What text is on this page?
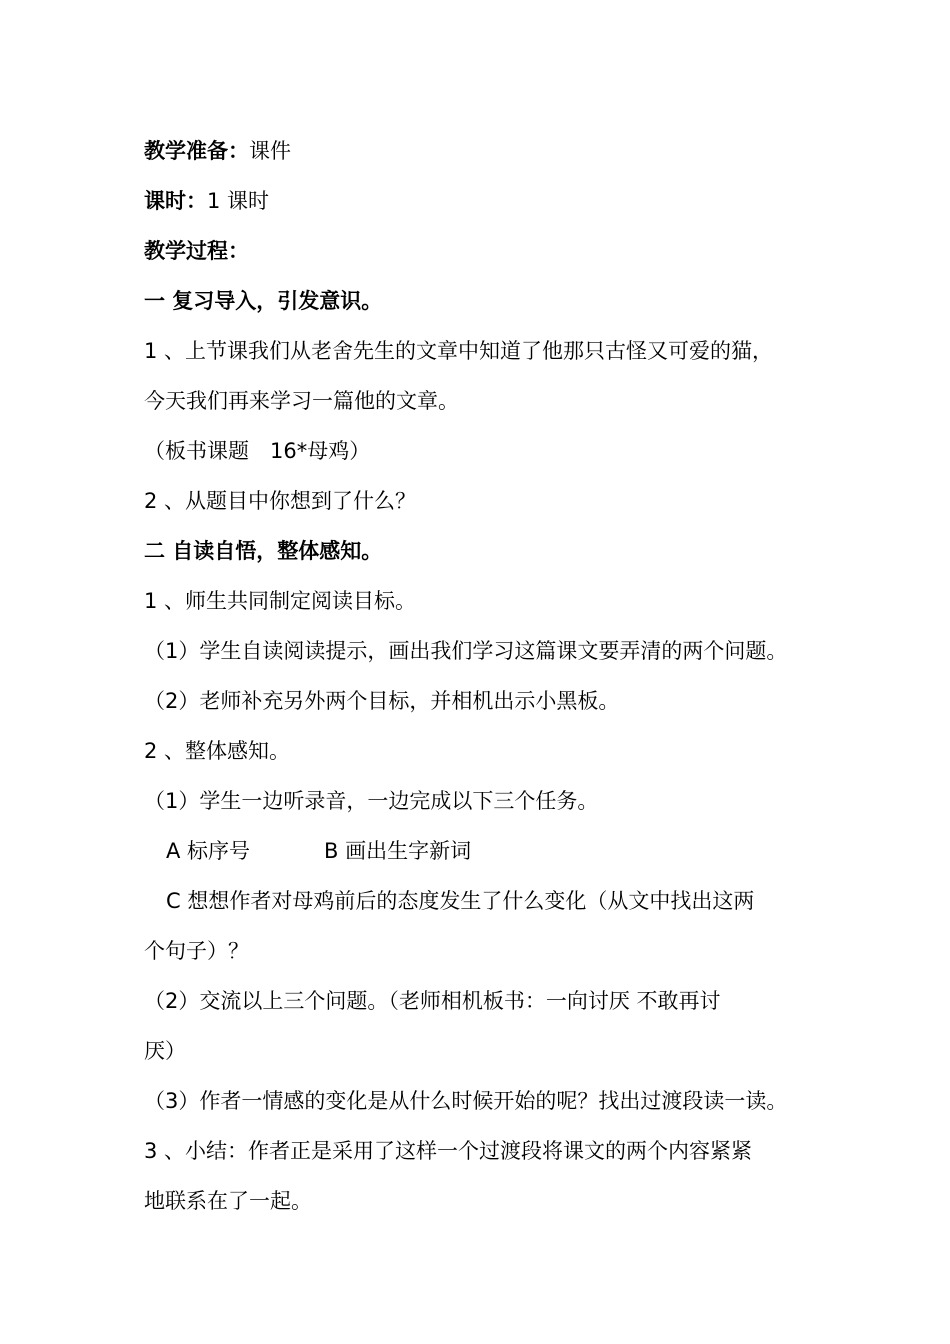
教学准备：课件
课时：1 课时
教学过程：
一 复习导入，引发意识。
1 、上节课我们从老舍先生的文章中知道了他那只古怪又可爱的猫，
今天我们再来学习一篇他的文章。
（板书课题　16*母鸡）
2 、从题目中你想到了什么？
二 自读自悟，整体感知。
1 、师生共同制定阅读目标。
（1）学生自读阅读提示，画出我们学习这篇课文要弄清的两个问题。
（2）老师补充另外两个目标，并相机出示小黑板。
2 、整体感知。
（1）学生一边听录音，一边完成以下三个任务。
A 标序号	B 画出生字新词
C 想想作者对母鸡前后的态度发生了什么变化（从文中找出这两
个句子）？
（2）交流以上三个问题。（老师相机板书：一向讨厌 不敢再讨
厌）
（3）作者一情感的变化是从什么时候开始的呢？找出过渡段读一读。
3 、小结：作者正是采用了这样一个过渡段将课文的两个内容紧紧
地联系在了一起。
